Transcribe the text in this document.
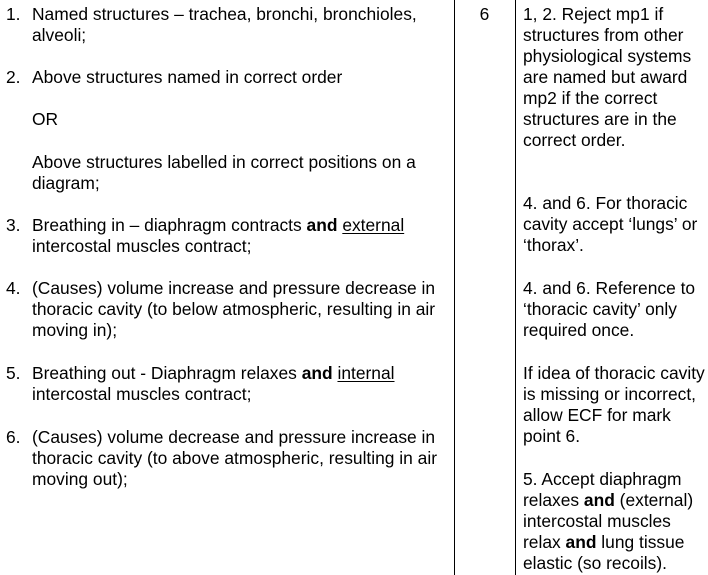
1. Named structures – trachea, bronchi, bronchioles, alveoli;
2. Above structures named in correct order
OR
Above structures labelled in correct positions on a diagram;
3. Breathing in – diaphragm contracts and external intercostal muscles contract;
4. (Causes) volume increase and pressure decrease in thoracic cavity (to below atmospheric, resulting in air moving in);
5. Breathing out - Diaphragm relaxes and internal intercostal muscles contract;
6. (Causes) volume decrease and pressure increase in thoracic cavity (to above atmospheric, resulting in air moving out);
6	1, 2. Reject mp1 if structures from other physiological systems are named but award mp2 if the correct structures are in the correct order.
4. and 6. For thoracic cavity accept ‘lungs’ or ‘thorax’.
4. and 6. Reference to ‘thoracic cavity’ only required once.
If idea of thoracic cavity is missing or incorrect, allow ECF for mark point 6.
5. Accept diaphragm relaxes and (external) intercostal muscles relax and lung tissue elastic (so recoils).
